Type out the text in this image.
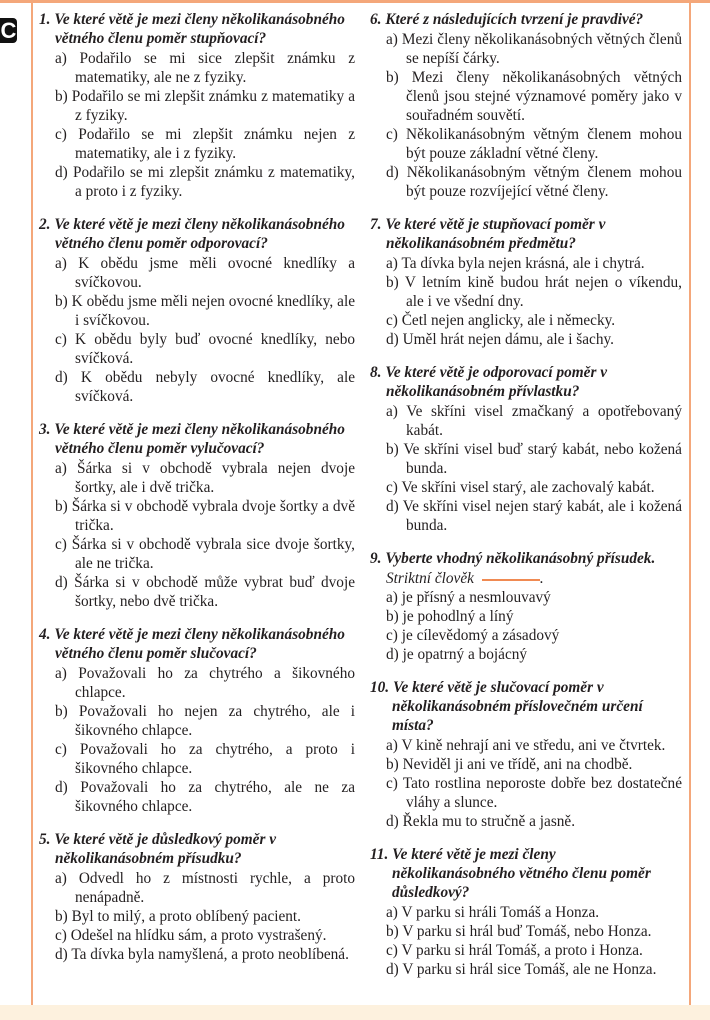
C 1. Ve které větě je mezi členy několikanásobného větného členu poměr stupňovací?
a) Podařilo se mi sice zlepšit známku z matematiky, ale ne z fyziky.
b) Podařilo se mi zlepšit známku z matematiky a z fyziky.
c) Podařilo se mi zlepšit známku nejen z matematiky, ale i z fyziky.
d) Podařilo se mi zlepšit známku z matematiky, a proto i z fyziky.
2. Ve které větě je mezi členy několikanásobného větného členu poměr odporovací?
a) K obědu jsme měli ovocné knedlíky a svíčkovou.
b) K obědu jsme měli nejen ovocné knedlíky, ale i svíčkovou.
c) K obědu byly buď ovocné knedlíky, nebo svíčková.
d) K obědu nebyly ovocné knedlíky, ale svíčková.
3. Ve které větě je mezi členy několikanásobného větného členu poměr vylučovací?
a) Šárka si v obchodě vybrala nejen dvoje šortky, ale i dvě trička.
b) Šárka si v obchodě vybrala dvoje šortky a dvě trička.
c) Šárka si v obchodě vybrala sice dvoje šortky, ale ne trička.
d) Šárka si v obchodě může vybrat buď dvoje šortky, nebo dvě trička.
4. Ve které větě je mezi členy několikanásobného větného členu poměr slučovací?
a) Považovali ho za chytrého a šikovného chlapce.
b) Považovali ho nejen za chytrého, ale i šikovného chlapce.
c) Považovali ho za chytrého, a proto i šikovného chlapce.
d) Považovali ho za chytrého, ale ne za šikovného chlapce.
5. Ve které větě je důsledkový poměr v několikanásobném přísudku?
a) Odvedl ho z místnosti rychle, a proto nenápadně.
b) Byl to milý, a proto oblíbený pacient.
c) Odešel na hlídku sám, a proto vystrašený.
d) Ta dívka byla namyšlená, a proto neoblíbená.
6. Které z následujících tvrzení je pravdivé?
a) Mezi členy několikanásobných větných členů se nepíší čárky.
b) Mezi členy několikanásobných větných členů jsou stejné významové poměry jako v souřadném souvětí.
c) Několikanásobným větným členem mohou být pouze základní větné členy.
d) Několikanásobným větným členem mohou být pouze rozvíjející větné členy.
7. Ve které větě je stupňovací poměr v několikanásobném předmětu?
a) Ta dívka byla nejen krásná, ale i chytrá.
b) V letním kině budou hrát nejen o víkendu, ale i ve všední dny.
c) Četl nejen anglicky, ale i německy.
d) Uměl hrát nejen dámu, ale i šachy.
8. Ve které větě je odporovací poměr v několikanásobném přívlastku?
a) Ve skříni visel zmačkaný a opotřebovaný kabát.
b) Ve skříni visel buď starý kabát, nebo kožená bunda.
c) Ve skříni visel starý, ale zachovalý kabát.
d) Ve skříni visel nejen starý kabát, ale i kožená bunda.
9. Vyberte vhodný několikanásobný přísudek.
Striktní člověk	.
a) je přísný a nesmlouvavý
b) je pohodlný a líný
c) je cílevědomý a zásadový
d) je opatrný a bojácný
10. Ve které větě je slučovací poměr v několikanásobném příslovečném určení místa?
a) V kině nehrají ani ve středu, ani ve čtvrtek.
b) Neviděl ji ani ve třídě, ani na chodbě.
c) Tato rostlina neporoste dobře bez dostatečné vláhy a slunce.
d) Řekla mu to stručně a jasně.
11. Ve které větě je mezi členy několikanásobného větného členu poměr důsledkový?
a) V parku si hráli Tomáš a Honza.
b) V parku si hrál buď Tomáš, nebo Honza.
c) V parku si hrál Tomáš, a proto i Honza.
d) V parku si hrál sice Tomáš, ale ne Honza.
